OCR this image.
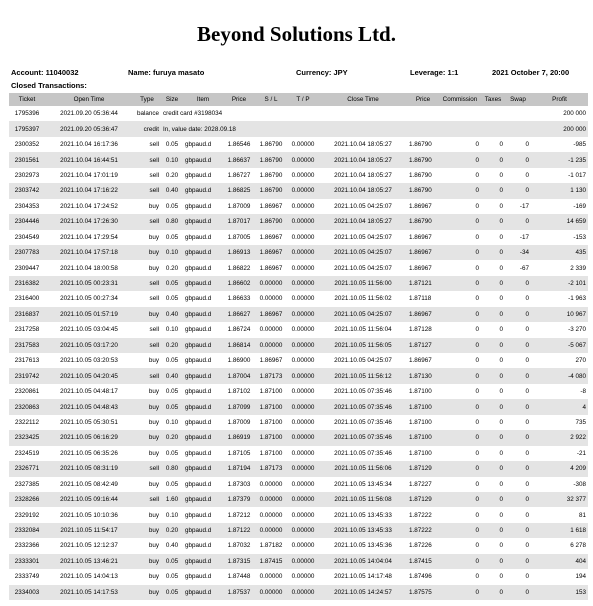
Beyond Solutions Ltd.
Account: 11040032	Name: furuya masato	Currency: JPY	Leverage: 1:1	2021 October 7, 20:00
Closed Transactions:
Ticket	Open Time	Type	Size	Item	Price	S / L	T / P	Close Time	Price	Commission	Taxes	Swap	Profit
1795396	2021.09.20 05:36:44	balance	credit card #3198034										200 000
1795397	2021.09.20 05:36:47	credit	In, value date: 2028.09.18										200 000
2300352	2021.10.04 16:17:36	sell	0.05	gbpaud.d	1.86546	1.86790	0.00000	2021.10.04 18:05:27	1.86790	0	0	0	-985
2301561	2021.10.04 16:44:51	sell	0.10	gbpaud.d	1.86637	1.86790	0.00000	2021.10.04 18:05:27	1.86790	0	0	0	-1 235
2302973	2021.10.04 17:01:19	sell	0.20	gbpaud.d	1.86727	1.86790	0.00000	2021.10.04 18:05:27	1.86790	0	0	0	-1 017
2303742	2021.10.04 17:16:22	sell	0.40	gbpaud.d	1.86825	1.86790	0.00000	2021.10.04 18:05:27	1.86790	0	0	0	1 130
2304353	2021.10.04 17:24:52	buy	0.05	gbpaud.d	1.87009	1.86967	0.00000	2021.10.05 04:25:07	1.86967	0	0	-17	-169
2304446	2021.10.04 17:26:30	sell	0.80	gbpaud.d	1.87017	1.86790	0.00000	2021.10.04 18:05:27	1.86790	0	0	0	14 659
2304549	2021.10.04 17:29:54	buy	0.05	gbpaud.d	1.87005	1.86967	0.00000	2021.10.05 04:25:07	1.86967	0	0	-17	-153
2307783	2021.10.04 17:57:18	buy	0.10	gbpaud.d	1.86913	1.86967	0.00000	2021.10.05 04:25:07	1.86967	0	0	-34	435
2309447	2021.10.04 18:00:58	buy	0.20	gbpaud.d	1.86822	1.86967	0.00000	2021.10.05 04:25:07	1.86967	0	0	-67	2 339
2316382	2021.10.05 00:23:31	sell	0.05	gbpaud.d	1.86602	0.00000	0.00000	2021.10.05 11:56:00	1.87121	0	0	0	-2 101
2316400	2021.10.05 00:27:34	sell	0.05	gbpaud.d	1.86633	0.00000	0.00000	2021.10.05 11:56:02	1.87118	0	0	0	-1 963
2316837	2021.10.05 01:57:19	buy	0.40	gbpaud.d	1.86627	1.86967	0.00000	2021.10.05 04:25:07	1.86967	0	0	0	10 967
2317258	2021.10.05 03:04:45	sell	0.10	gbpaud.d	1.86724	0.00000	0.00000	2021.10.05 11:56:04	1.87128	0	0	0	-3 270
2317583	2021.10.05 03:17:20	sell	0.20	gbpaud.d	1.86814	0.00000	0.00000	2021.10.05 11:56:05	1.87127	0	0	0	-5 067
2317613	2021.10.05 03:20:53	buy	0.05	gbpaud.d	1.86900	1.86967	0.00000	2021.10.05 04:25:07	1.86967	0	0	0	270
2319742	2021.10.05 04:20:45	sell	0.40	gbpaud.d	1.87004	1.87173	0.00000	2021.10.05 11:56:12	1.87130	0	0	0	-4 080
2320861	2021.10.05 04:48:17	buy	0.05	gbpaud.d	1.87102	1.87100	0.00000	2021.10.05 07:35:46	1.87100	0	0	0	-8
2320863	2021.10.05 04:48:43	buy	0.05	gbpaud.d	1.87099	1.87100	0.00000	2021.10.05 07:35:46	1.87100	0	0	0	4
2322112	2021.10.05 05:30:51	buy	0.10	gbpaud.d	1.87009	1.87100	0.00000	2021.10.05 07:35:46	1.87100	0	0	0	735
2323425	2021.10.05 06:16:29	buy	0.20	gbpaud.d	1.86919	1.87100	0.00000	2021.10.05 07:35:46	1.87100	0	0	0	2 922
2324519	2021.10.05 06:35:26	buy	0.05	gbpaud.d	1.87105	1.87100	0.00000	2021.10.05 07:35:46	1.87100	0	0	0	-21
2326771	2021.10.05 08:31:19	sell	0.80	gbpaud.d	1.87194	1.87173	0.00000	2021.10.05 11:56:06	1.87129	0	0	0	4 209
2327385	2021.10.05 08:42:49	buy	0.05	gbpaud.d	1.87303	0.00000	0.00000	2021.10.05 13:45:34	1.87227	0	0	0	-308
2328266	2021.10.05 09:16:44	sell	1.60	gbpaud.d	1.87379	0.00000	0.00000	2021.10.05 11:56:08	1.87129	0	0	0	32 377
2329192	2021.10.05 10:10:36	buy	0.10	gbpaud.d	1.87212	0.00000	0.00000	2021.10.05 13:45:33	1.87222	0	0	0	81
2332084	2021.10.05 11:54:17	buy	0.20	gbpaud.d	1.87122	0.00000	0.00000	2021.10.05 13:45:33	1.87222	0	0	0	1 618
2332366	2021.10.05 12:12:37	buy	0.40	gbpaud.d	1.87032	1.87182	0.00000	2021.10.05 13:45:36	1.87226	0	0	0	6 278
2333301	2021.10.05 13:46:21	buy	0.05	gbpaud.d	1.87315	1.87415	0.00000	2021.10.05 14:04:04	1.87415	0	0	0	404
2333749	2021.10.05 14:04:13	buy	0.05	gbpaud.d	1.87448	0.00000	0.00000	2021.10.05 14:17:48	1.87496	0	0	0	194
2334003	2021.10.05 14:17:53	buy	0.05	gbpaud.d	1.87537	0.00000	0.00000	2021.10.05 14:24:57	1.87575	0	0	0	153
